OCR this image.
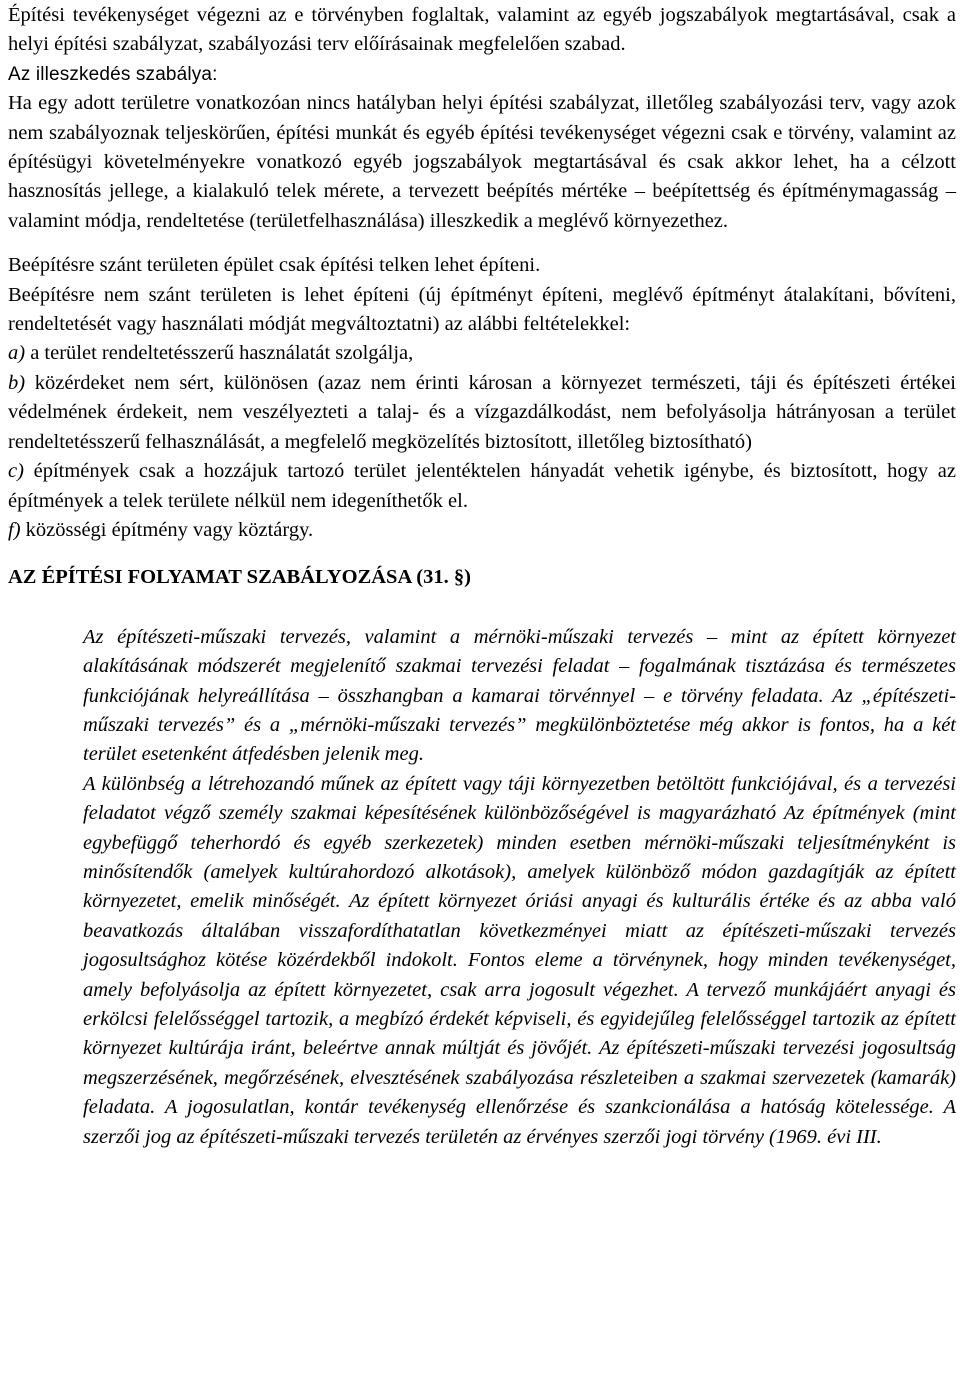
Építési tevékenységet végezni az e törvényben foglaltak, valamint az egyéb jogszabályok megtartásával, csak a helyi építési szabályzat, szabályozási terv előírásainak megfelelően szabad.

Az illeszkedés szabálya:

Ha egy adott területre vonatkozóan nincs hatályban helyi építési szabályzat, illetőleg szabályozási terv, vagy azok nem szabályoznak teljeskörűen, építési munkát és egyéb építési tevékenységet végezni csak e törvény, valamint az építésügyi követelményekre vonatkozó egyéb jogszabályok megtartásával és csak akkor lehet, ha a célzott hasznosítás jellege, a kialakuló telek mérete, a tervezett beépítés mértéke – beépítettség és építménymagasság – valamint módja, rendeltetése (területfelhasználása) illeszkedik a meglévő környezethez.

Beépítésre szánt területen épület csak építési telken lehet építeni.

Beépítésre nem szánt területen is lehet építeni (új építményt építeni, meglévő építményt átalakítani, bővíteni, rendeltetését vagy használati módját megváltoztatni) az alábbi feltételekkel:

a) a terület rendeltetésszerű használatát szolgálja,

b) közérdeket nem sért, különösen (azaz nem érinti károsan a környezet természeti, táji és építészeti értékei védelmének érdekeit, nem veszélyezteti a talaj- és a vízgazdálkodást, nem befolyásolja hátrányosan a terület rendeltetésszerű felhasználását, a megfelelő megközelítés biztosított, illetőleg biztosítható)

c) építmények csak a hozzájuk tartozó terület jelentéktelen hányadát vehetik igénybe, és biztosított, hogy az építmények a telek területe nélkül nem idegeníthetők el.

f) közösségi építmény vagy köztárgy.

AZ ÉPÍTÉSI FOLYAMAT SZABÁLYOZÁSA (31. §)

Az építészeti-műszaki tervezés, valamint a mérnöki-műszaki tervezés – mint az épített környezet alakításának módszerét megjelenítő szakmai tervezési feladat – fogalmának tisztázása és természetes funkciójának helyreállítása – összhangban a kamarai törvénnyel – e törvény feladata. Az „építészeti-műszaki tervezés” és a „mérnöki-műszaki tervezés” megkülönböztetése még akkor is fontos, ha a két terület esetenként átfedésben jelenik meg.

A különbség a létrehozandó műnek az épített vagy táji környezetben betöltött funkciójával, és a tervezési feladatot végző személy szakmai képesítésének különbözőségével is magyarázható Az építmények (mint egybefüggő teherhordó és egyéb szerkezetek) minden esetben mérnöki-műszaki teljesítményként is minősítendők (amelyek kultúrahordozó alkotások), amelyek különböző módon gazdagítják az épített környezetet, emelik minőségét. Az épített környezet óriási anyagi és kulturális értéke és az abba való beavatkozás általában visszafordíthatatlan következményei miatt az építészeti-műszaki tervezés jogosultsághoz kötése közérdekből indokolt. Fontos eleme a törvénynek, hogy minden tevékenységet, amely befolyásolja az épített környezetet, csak arra jogosult végezhet. A tervező munkájáért anyagi és erkölcsi felelősséggel tartozik, a megbízó érdekét képviseli, és egyidejűleg felelősséggel tartozik az épített környezet kultúrája iránt, beleértve annak múltját és jövőjét. Az építészeti-műszaki tervezési jogosultság megszerzésének, megőrzésének, elvesztésének szabályozása részleteiben a szakmai szervezetek (kamarák) feladata. A jogosulatlan, kontár tevékenység ellenőrzése és szankcionálása a hatóság kötelessége. A szerzői jog az építészeti-műszaki tervezés területén az érvényes szerzői jogi törvény (1969. évi III.
